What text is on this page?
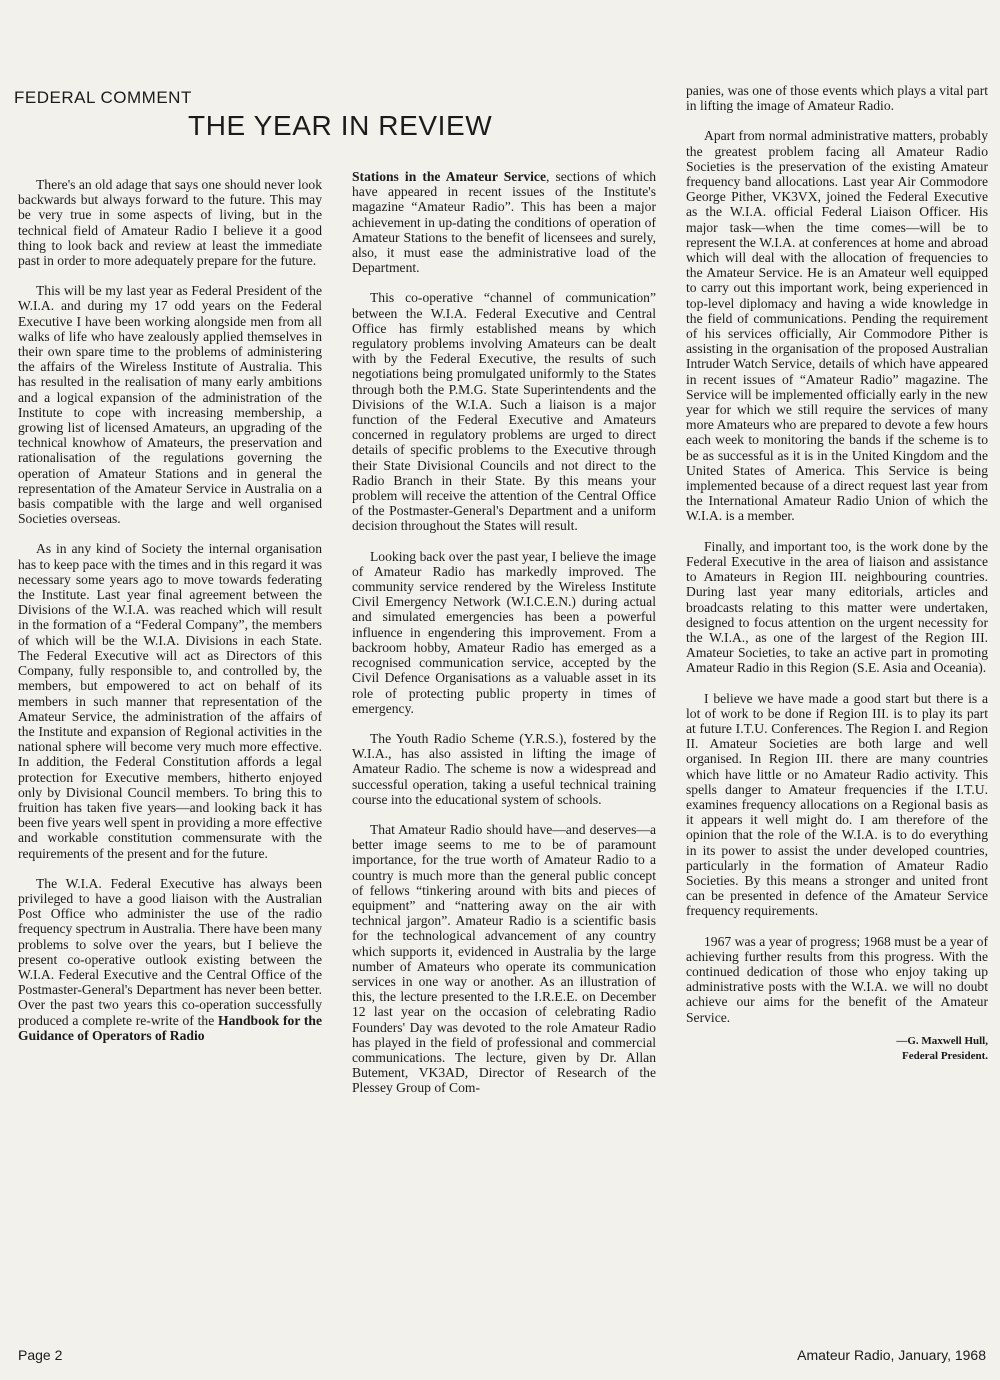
FEDERAL COMMENT
THE YEAR IN REVIEW

There's an old adage that says one should never look backwards but always forward to the future. This may be very true in some aspects of living, but in the technical field of Amateur Radio I believe it a good thing to look back and review at least the immediate past in order to more adequately prepare for the future.

This will be my last year as Federal President of the W.I.A. and during my 17 odd years on the Federal Executive I have been working alongside men from all walks of life who have zealously applied themselves in their own spare time to the problems of administering the affairs of the Wireless Institute of Australia. This has resulted in the realisation of many early ambitions and a logical expansion of the administration of the Institute to cope with increasing membership, a growing list of licensed Amateurs, an upgrading of the technical knowhow of Amateurs, the preservation and rationalisation of the regulations governing the operation of Amateur Stations and in general the representation of the Amateur Service in Australia on a basis compatible with the large and well organised Societies overseas.

As in any kind of Society the internal organisation has to keep pace with the times and in this regard it was necessary some years ago to move towards federating the Institute. Last year final agreement between the Divisions of the W.I.A. was reached which will result in the formation of a “Federal Company”, the members of which will be the W.I.A. Divisions in each State. The Federal Executive will act as Directors of this Company, fully responsible to, and controlled by, the members, but empowered to act on behalf of its members in such manner that representation of the Amateur Service, the administration of the affairs of the Institute and expansion of Regional activities in the national sphere will become very much more effective. In addition, the Federal Constitution affords a legal protection for Executive members, hitherto enjoyed only by Divisional Council members. To bring this to fruition has taken five years—and looking back it has been five years well spent in providing a more effective and workable constitution commensurate with the requirements of the present and for the future.

The W.I.A. Federal Executive has always been privileged to have a good liaison with the Australian Post Office who administer the use of the radio frequency spectrum in Australia. There have been many problems to solve over the years, but I believe the present co-operative outlook existing between the W.I.A. Federal Executive and the Central Office of the Postmaster-General's Department has never been better. Over the past two years this co-operation successfully produced a complete re-write of the Handbook for the Guidance of Operators of Radio

Stations in the Amateur Service, sections of which have appeared in recent issues of the Institute's magazine “Amateur Radio”. This has been a major achievement in up-dating the conditions of operation of Amateur Stations to the benefit of licensees and surely, also, it must ease the administrative load of the Department.

This co-operative “channel of communication” between the W.I.A. Federal Executive and Central Office has firmly established means by which regulatory problems involving Amateurs can be dealt with by the Federal Executive, the results of such negotiations being promulgated uniformly to the States through both the P.M.G. State Superintendents and the Divisions of the W.I.A. Such a liaison is a major function of the Federal Executive and Amateurs concerned in regulatory problems are urged to direct details of specific problems to the Executive through their State Divisional Councils and not direct to the Radio Branch in their State. By this means your problem will receive the attention of the Central Office of the Postmaster-General's Department and a uniform decision throughout the States will result.

Looking back over the past year, I believe the image of Amateur Radio has markedly improved. The community service rendered by the Wireless Institute Civil Emergency Network (W.I.C.E.N.) during actual and simulated emergencies has been a powerful influence in engendering this improvement. From a backroom hobby, Amateur Radio has emerged as a recognised communication service, accepted by the Civil Defence Organisations as a valuable asset in its role of protecting public property in times of emergency.

The Youth Radio Scheme (Y.R.S.), fostered by the W.I.A., has also assisted in lifting the image of Amateur Radio. The scheme is now a widespread and successful operation, taking a useful technical training course into the educational system of schools.

That Amateur Radio should have—and deserves—a better image seems to me to be of paramount importance, for the true worth of Amateur Radio to a country is much more than the general public concept of fellows “tinkering around with bits and pieces of equipment” and “nattering away on the air with technical jargon”. Amateur Radio is a scientific basis for the technological advancement of any country which supports it, evidenced in Australia by the large number of Amateurs who operate its communication services in one way or another. As an illustration of this, the lecture presented to the I.R.E.E. on December 12 last year on the occasion of celebrating Radio Founders' Day was devoted to the role Amateur Radio has played in the field of professional and commercial communications. The lecture, given by Dr. Allan Butement, VK3AD, Director of Research of the Plessey Group of Com-

panies, was one of those events which plays a vital part in lifting the image of Amateur Radio.

Apart from normal administrative matters, probably the greatest problem facing all Amateur Radio Societies is the preservation of the existing Amateur frequency band allocations. Last year Air Commodore George Pither, VK3VX, joined the Federal Executive as the W.I.A. official Federal Liaison Officer. His major task—when the time comes—will be to represent the W.I.A. at conferences at home and abroad which will deal with the allocation of frequencies to the Amateur Service. He is an Amateur well equipped to carry out this important work, being experienced in top-level diplomacy and having a wide knowledge in the field of communications. Pending the requirement of his services officially, Air Commodore Pither is assisting in the organisation of the proposed Australian Intruder Watch Service, details of which have appeared in recent issues of “Amateur Radio” magazine. The Service will be implemented officially early in the new year for which we still require the services of many more Amateurs who are prepared to devote a few hours each week to monitoring the bands if the scheme is to be as successful as it is in the United Kingdom and the United States of America. This Service is being implemented because of a direct request last year from the International Amateur Radio Union of which the W.I.A. is a member.

Finally, and important too, is the work done by the Federal Executive in the area of liaison and assistance to Amateurs in Region III. neighbouring countries. During last year many editorials, articles and broadcasts relating to this matter were undertaken, designed to focus attention on the urgent necessity for the W.I.A., as one of the largest of the Region III. Amateur Societies, to take an active part in promoting Amateur Radio in this Region (S.E. Asia and Oceania).

I believe we have made a good start but there is a lot of work to be done if Region III. is to play its part at future I.T.U. Conferences. The Region I. and Region II. Amateur Societies are both large and well organised. In Region III. there are many countries which have little or no Amateur Radio activity. This spells danger to Amateur frequencies if the I.T.U. examines frequency allocations on a Regional basis as it appears it well might do. I am therefore of the opinion that the role of the W.I.A. is to do everything in its power to assist the under developed countries, particularly in the formation of Amateur Radio Societies. By this means a stronger and united front can be presented in defence of the Amateur Service frequency requirements.

1967 was a year of progress; 1968 must be a year of achieving further results from this progress. With the continued dedication of those who enjoy taking up administrative posts with the W.I.A. we will no doubt achieve our aims for the benefit of the Amateur Service.

—G. Maxwell Hull,
Federal President.
Page 2	Amateur Radio, January, 1968
